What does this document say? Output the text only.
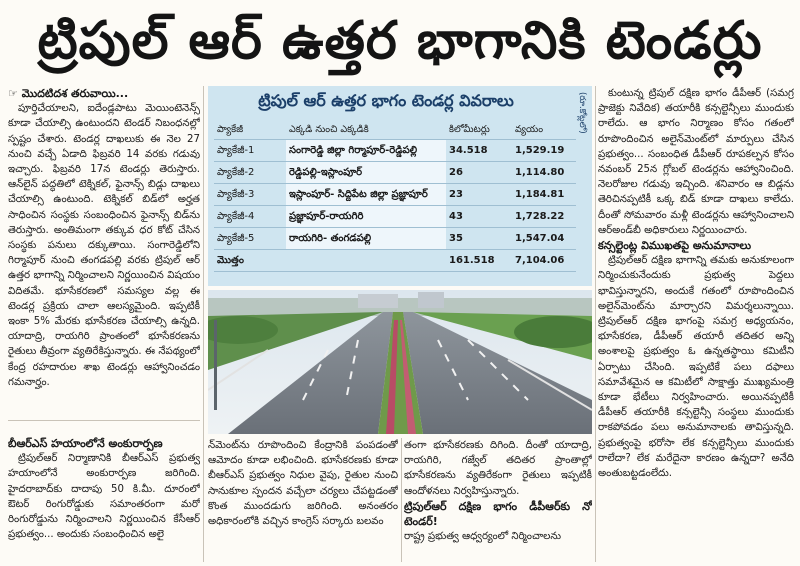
ట్రిపుల్ ఆర్ ఉత్తర భాగానికి టెండర్లు

☞ మొదటిదశ తరువాయి...

పూర్తిచేయాలని, ఐదేండ్లపాటు మెయింటెనెన్స్ కూడా చేయాల్సి ఉంటుందని టెండర్ నిబంధనల్లో స్పష్టం చేశారు. టెండర్ల దాఖలుకు ఈ నెల 27 నుంచి వచ్చే ఏడాది ఫిబ్రవరి 14 వరకు గడువు ఇచ్చారు. ఫిబ్రవరి 17న టెండర్లు తెరుస్తారు. ఆన్‌లైన్ పద్ధతిలో టెక్నికల్, ఫైనాన్స్ బిడ్లు దాఖలు చేయాల్సి ఉంటుంది. టెక్నికల్ బిడ్‌లో అర్హత సాధించిన సంస్థకు సంబంధించిన ఫైనాన్స్ బిడ్‌ను తెరుస్తారు. అంతిమంగా తక్కువ ధర కోట్ చేసిన సంస్థకు పనులు దక్కుతాయి. సంగారెడ్డిలోని గిర్మాపూర్ నుంచి తంగడపల్లి వరకు ట్రిపుల్ ఆర్ ఉత్తర భాగాన్ని నిర్మించాలని నిర్ణయించిన విషయం విదితమే. భూసేకరణలో సమస్యల వల్ల ఈ టెండర్ల ప్రక్రియ చాలా ఆలస్యమైంది. ఇప్పటికీ ఇంకా 5% మేరకు భూసేకరణ చేయాల్సి ఉన్నది. యాదాద్రి, రాయగిరి ప్రాంతంలో భూసేకరణను రైతులు తీవ్రంగా వ్యతిరేకిస్తున్నారు. ఈ నేపథ్యంలో కేంద్ర రహదారుల శాఖ టెండర్లు ఆహ్వానించడం గమనార్హం.

బీఆర్ఎస్ హయాంలోనే అంకురార్పణ

ట్రిపుల్ఆర్ నిర్మాణానికి బీఆర్ఎస్ ప్రభుత్వ హయాంలోనే అంకురార్పణ జరిగింది. హైదరాబాద్‌కు దాదాపు 50 కి.మీ. దూరంలో ఔటర్ రింగురోడ్డుకు సమాంతరంగా మరో రింగురోడ్డును నిర్మించాలని నిర్ణయించిన కేసీఆర్ ప్రభుత్వం... అందుకు సంబంధించిన అలై

ట్రిపుల్ ఆర్ ఉత్తర భాగం టెండర్ల వివరాలు	(రూ.కోట్లలో)
ప్యాకేజీ	ఎక్కడి నుంచి ఎక్కడికి	కిలోమీటర్లు	వ్యయం
ప్యాకేజీ-1	సంగారెడ్డి జిల్లా గిర్మాపూర్-రెడ్డిపల్లి	34.518	1,529.19
ప్యాకేజీ-2	రెడ్డిపల్లి-ఇస్లాంపూర్	26	1,114.80
ప్యాకేజీ-3	ఇస్లాంపూర్- సిద్దిపేట జిల్లా ప్రజ్ఞాపూర్	23	1,184.81
ప్యాకేజీ-4	ప్రజ్ఞాపూర్-రాయగిరి	43	1,728.22
ప్యాకేజీ-5	రాయగిరి- తంగడపల్లి	35	1,547.04
మొత్తం		161.518	7,104.06

న్‌మెంట్‌ను రూపొందించి కేంద్రానికి పంపడంతో ఆమోదం కూడా లభించింది. భూసేకరణకు కూడా బీఆర్ఎస్ ప్రభుత్వం నిధుల వైపు, రైతుల నుంచి సానుకూల స్పందన వచ్చేలా చర్యలు చేపట్టడంతో కొంత ముందడుగు జరిగింది. అనంతరం అధికారంలోకి వచ్చిన కాంగ్రెస్ సర్కారు బలవం

తంగా భూసేకరణకు దిగింది. దీంతో యాదాద్రి, రాయగిరి, గజ్వేల్ తదితర ప్రాంతాల్లో భూసేకరణను వ్యతిరేకంగా రైతులు ఇప్పటికీ ఆందోళనలు నిర్వహిస్తున్నారు.

ట్రిపుల్ఆర్ దక్షిణ భాగం డీపీఆర్‌కు నో టెండర్!

రాష్ట్ర ప్రభుత్వ ఆధ్వర్యంలో నిర్మించాలను

కుంటున్న ట్రిపుల్ దక్షిణ భాగం డీపీఆర్ (సమగ్ర ప్రాజెక్టు నివేదిక) తయారీకి కన్సల్టెన్సీలు ముందుకు రాలేదు. ఆ భాగం నిర్మాణం కోసం గతంలో రూపొందించిన అలైన్‌మెంట్‌లో మార్పులు చేసిన ప్రభుత్వం... సంబంధిత డీపీఆర్ రూపకల్పన కోసం నవంబర్ 25న గ్లోబల్ టెండర్లను ఆహ్వానించింది. నెలరోజుల గడువు ఇచ్చింది. శనివారం ఆ బిడ్లను తెరిచినప్పటికీ ఒక్క బిడ్ కూడా దాఖలు కాలేదు. దీంతో సోమవారం మళ్లీ టెండర్లను ఆహ్వానించాలని ఆర్‌అండ్‌బీ అధికారులు నిర్ణయించారు.

కన్సల్టెంట్ల విముఖతపై అనుమానాలు

ట్రిపుల్ఆర్ దక్షిణ భాగాన్ని తమకు అనుకూలంగా నిర్మించుకునేందుకు ప్రభుత్వ పెద్దలు భావిస్తున్నారని, అందుకే గతంలో రూపొందించిన అలైన్‌మెంట్‌ను మార్చారని విమర్శలున్నాయి. ట్రిపుల్ఆర్ దక్షిణ భాగంపై సమగ్ర అధ్యయనం, భూసేకరణ, డీపీఆర్ తయారీ తదితర అన్ని అంశాలపై ప్రభుత్వం ఓ ఉన్నతస్థాయి కమిటీని ఏర్పాటు చేసింది. ఇప్పటికే పలు దఫాలు సమావేశమైన ఆ కమిటీలో సాక్షాత్తు ముఖ్యమంత్రి కూడా భేటీలు నిర్వహించారు. అయినప్పటికీ డీపీఆర్ తయారీకి కన్సల్టెన్సీ సంస్థలు ముందుకు రాకపోవడం పలు అనుమానాలకు తావిస్తున్నది. ప్రభుత్వంపై భరోసా లేక కన్సల్టెన్సీలు ముందుకు రాలేదా? లేక మరేదైనా కారణం ఉన్నదా? అనేది అంతుబట్టడంలేదు.
